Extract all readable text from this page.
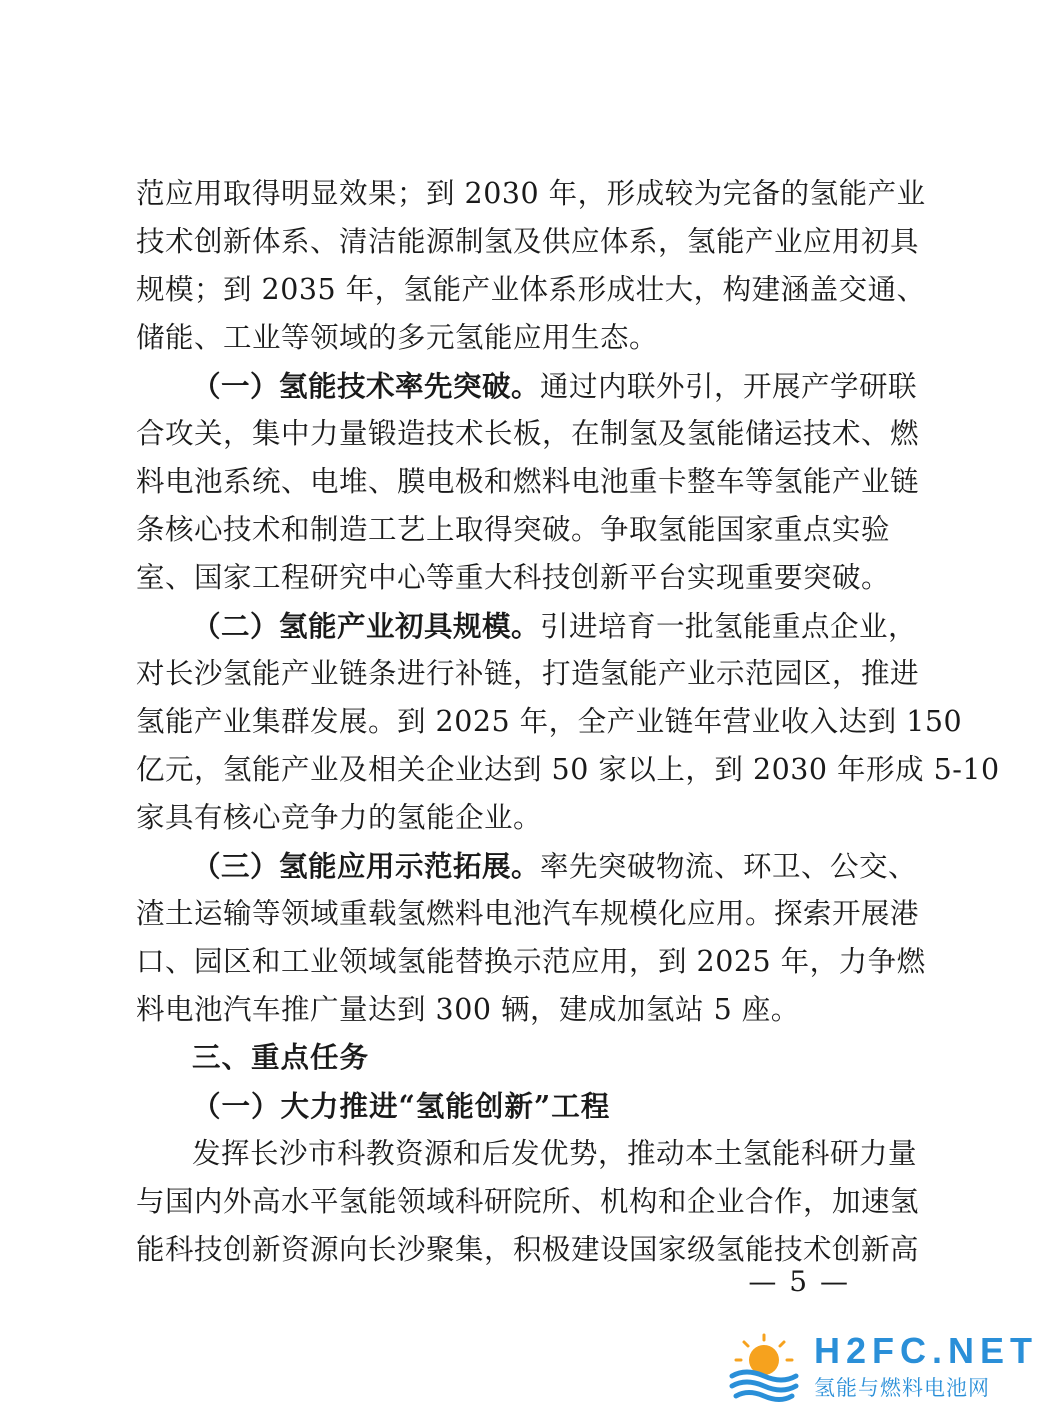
范应用取得明显效果；到 2030 年，形成较为完备的氢能产业
技术创新体系、清洁能源制氢及供应体系，氢能产业应用初具
规模；到 2035 年，氢能产业体系形成壮大，构建涵盖交通、
储能、工业等领域的多元氢能应用生态。
（一）氢能技术率先突破。通过内联外引，开展产学研联
合攻关，集中力量锻造技术长板，在制氢及氢能储运技术、燃
料电池系统、电堆、膜电极和燃料电池重卡整车等氢能产业链
条核心技术和制造工艺上取得突破。争取氢能国家重点实验
室、国家工程研究中心等重大科技创新平台实现重要突破。
（二）氢能产业初具规模。引进培育一批氢能重点企业，
对长沙氢能产业链条进行补链，打造氢能产业示范园区，推进
氢能产业集群发展。到 2025 年，全产业链年营业收入达到 150
亿元，氢能产业及相关企业达到 50 家以上，到 2030 年形成 5-10
家具有核心竞争力的氢能企业。
（三）氢能应用示范拓展。率先突破物流、环卫、公交、
渣土运输等领域重载氢燃料电池汽车规模化应用。探索开展港
口、园区和工业领域氢能替换示范应用，到 2025 年，力争燃
料电池汽车推广量达到 300 辆，建成加氢站 5 座。
三、重点任务
（一）大力推进“氢能创新”工程
发挥长沙市科教资源和后发优势，推动本土氢能科研力量
与国内外高水平氢能领域科研院所、机构和企业合作，加速氢
能科技创新资源向长沙聚集，积极建设国家级氢能技术创新高
— 5 —
H2FC.NET
氢能与燃料电池网
